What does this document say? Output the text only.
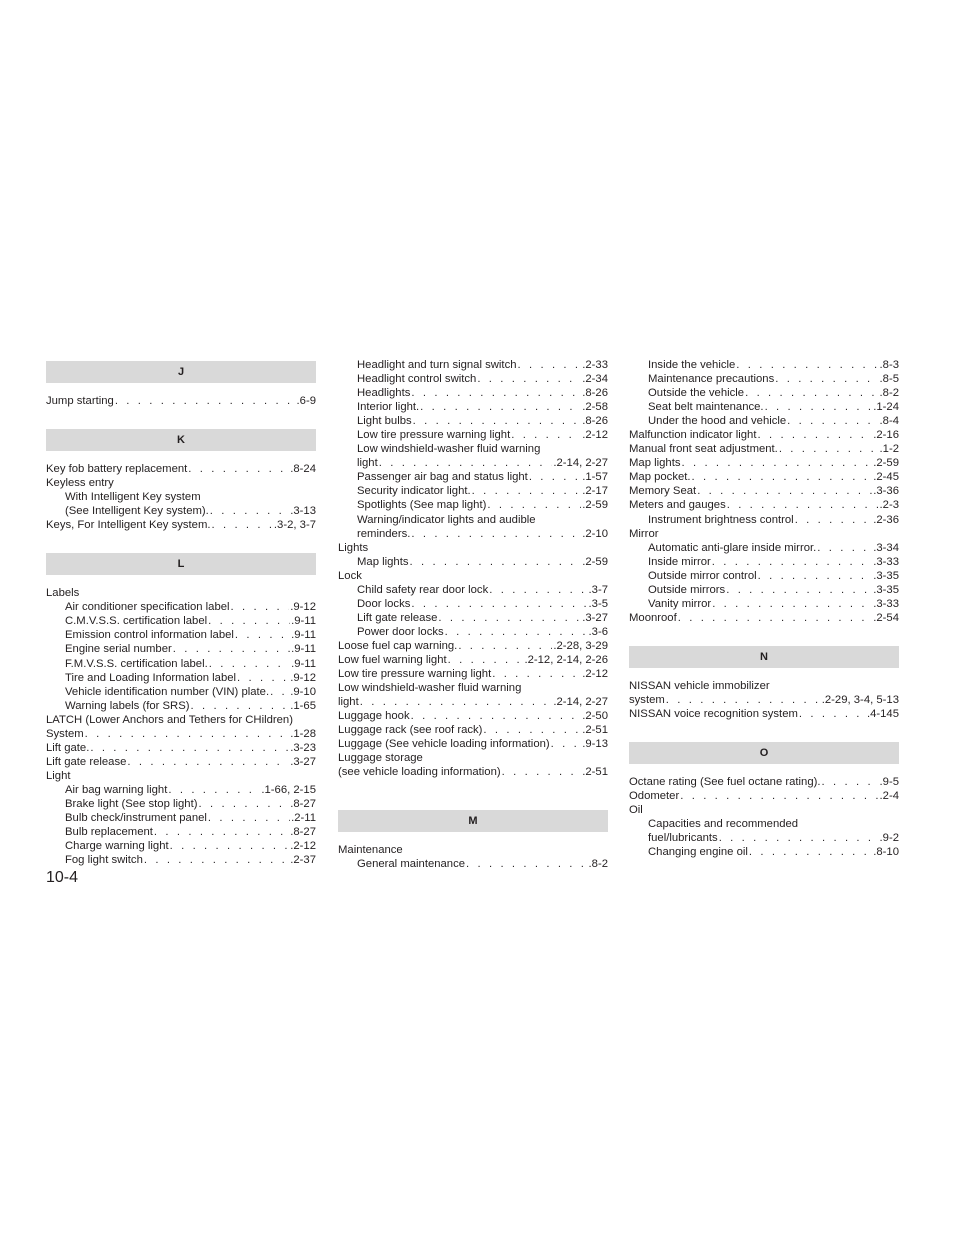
J
Jump starting . . .	.6-9
K
Key fob battery replacement . . .	.8-24
Keyless entry
With Intelligent Key system
(See Intelligent Key system). . . .	.3-13
Keys, For Intelligent Key system. . . .	.3-2, 3-7
L
Labels
Air conditioner specification label . . .	.9-12
C.M.V.S.S. certification label . . .	.9-11
Emission control information label . . .	.9-11
Engine serial number . . .	.9-11
F.M.V.S.S. certification label. . . .	.9-11
Tire and Loading Information label . . .	.9-12
Vehicle identification number (VIN) plate. . . . .9-10
Warning labels (for SRS) . . .	.1-65
LATCH (Lower Anchors and Tethers for CHildren)
System . . .	.1-28
Lift gate. . . .	.3-23
Lift gate release . . .	.3-27
Light
Air bag warning light . . .	.1-66, 2-15
Brake light (See stop light) . . .	.8-27
Bulb check/instrument panel . . .	.2-11
Bulb replacement . . .	.8-27
Charge warning light . . .	.2-12
Fog light switch . . .	.2-37
Headlight and turn signal switch . . .	.2-33
Headlight control switch . . .	.2-34
Headlights . . .	.8-26
Interior light. . . .	.2-58
Light bulbs . . .	.8-26
Low tire pressure warning light . . .	.2-12
Low windshield-washer fluid warning
light . . .	.2-14, 2-27
Passenger air bag and status light . . .	.1-57
Security indicator light. . . .	.2-17
Spotlights (See map light) . . .	.2-59
Warning/indicator lights and audible
reminders. . . .	.2-10
Lights
Map lights . . .	.2-59
Lock
Child safety rear door lock . . .	.3-7
Door locks . . .	.3-5
Lift gate release . . .	.3-27
Power door locks . . .	.3-6
Loose fuel cap warning. . . .	.2-28, 3-29
Low fuel warning light . . .	.2-12, 2-14, 2-26
Low tire pressure warning light . . .	.2-12
Low windshield-washer fluid warning
light . . .	.2-14, 2-27
Luggage hook . . .	.2-50
Luggage rack (see roof rack) . . .	.2-51
Luggage (See vehicle loading information) . . .	.9-13
Luggage storage
(see vehicle loading information) . . .	.2-51
M
Maintenance
General maintenance . . .	.8-2
Inside the vehicle . . .	.8-3
Maintenance precautions . . .	.8-5
Outside the vehicle . . .	.8-2
Seat belt maintenance. . . .	.1-24
Under the hood and vehicle . . .	.8-4
Malfunction indicator light . . .	.2-16
Manual front seat adjustment. . . .	.1-2
Map lights . . .	.2-59
Map pocket. . . .	.2-45
Memory Seat . . .	.3-36
Meters and gauges . . .	.2-3
Instrument brightness control . . .	.2-36
Mirror
Automatic anti-glare inside mirror. . . .	.3-34
Inside mirror . . .	.3-33
Outside mirror control . . .	.3-35
Outside mirrors . . .	.3-35
Vanity mirror . . .	.3-33
Moonroof . . .	.2-54
N
NISSAN vehicle immobilizer
system . . .	.2-29, 3-4, 5-13
NISSAN voice recognition system . . .	.4-145
O
Octane rating (See fuel octane rating). . . .	.9-5
Odometer . . .	.2-4
Oil
Capacities and recommended
fuel/lubricants . . .	.9-2
Changing engine oil . . .	.8-10
10-4
